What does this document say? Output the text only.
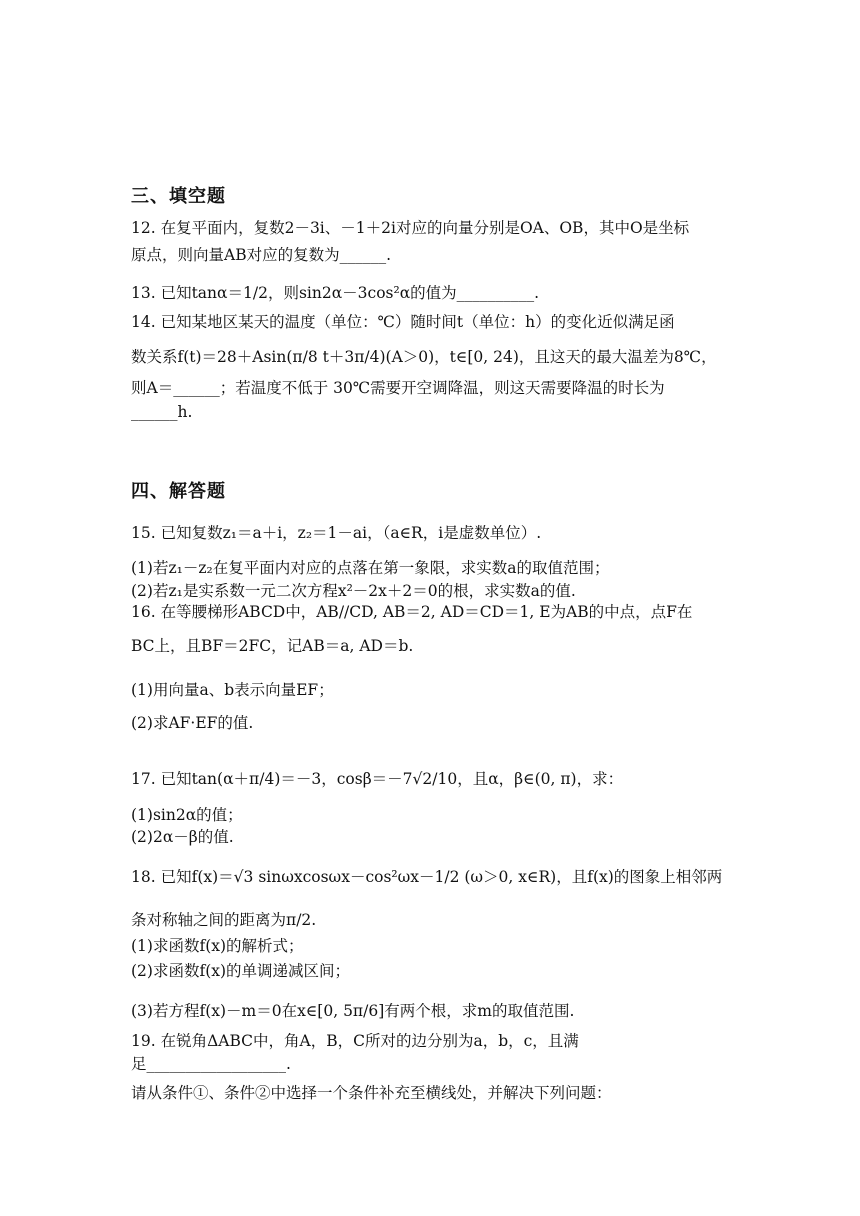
三、填空题
12. 在复平面内，复数2－3i、－1＋2i对应的向量分别是OA、OB，其中O是坐标
原点，则向量AB对应的复数为______.
13. 已知tanα＝1/2，则sin2α－3cos²α的值为__________.
14. 已知某地区某天的温度（单位：℃）随时间t（单位：h）的变化近似满足函
数关系f(t)＝28＋Asin(π/8 t＋3π/4)(A＞0)，t∈[0, 24)，且这天的最大温差为8℃，
则A＝______；若温度不低于 30℃需要开空调降温，则这天需要降温的时长为
______h.
四、解答题
15. 已知复数z₁＝a＋i，z₂＝1－ai，（a∈R，i是虚数单位）.
(1)若z₁－z₂在复平面内对应的点落在第一象限，求实数a的取值范围；
(2)若z₁是实系数一元二次方程x²－2x＋2＝0的根，求实数a的值.
16. 在等腰梯形ABCD中，AB//CD, AB＝2, AD＝CD＝1, E为AB的中点，点F在
BC上，且BF＝2FC，记AB＝a, AD＝b.
(1)用向量a、b表示向量EF；
(2)求AF·EF的值.
17. 已知tan(α＋π/4)＝－3，cosβ＝－7√2/10，且α，β∈(0, π)，求：
(1)sin2α的值；
(2)2α－β的值.
18. 已知f(x)＝√3 sinωxcosωx－cos²ωx－1/2 (ω＞0, x∈R)，且f(x)的图象上相邻两
条对称轴之间的距离为π/2.
(1)求函数f(x)的解析式；
(2)求函数f(x)的单调递减区间；
(3)若方程f(x)－m＝0在x∈[0, 5π/6]有两个根，求m的取值范围.
19. 在锐角ΔABC中，角A，B，C所对的边分别为a，b，c，且满
足__________________.
请从条件①、条件②中选择一个条件补充至横线处，并解决下列问题：
